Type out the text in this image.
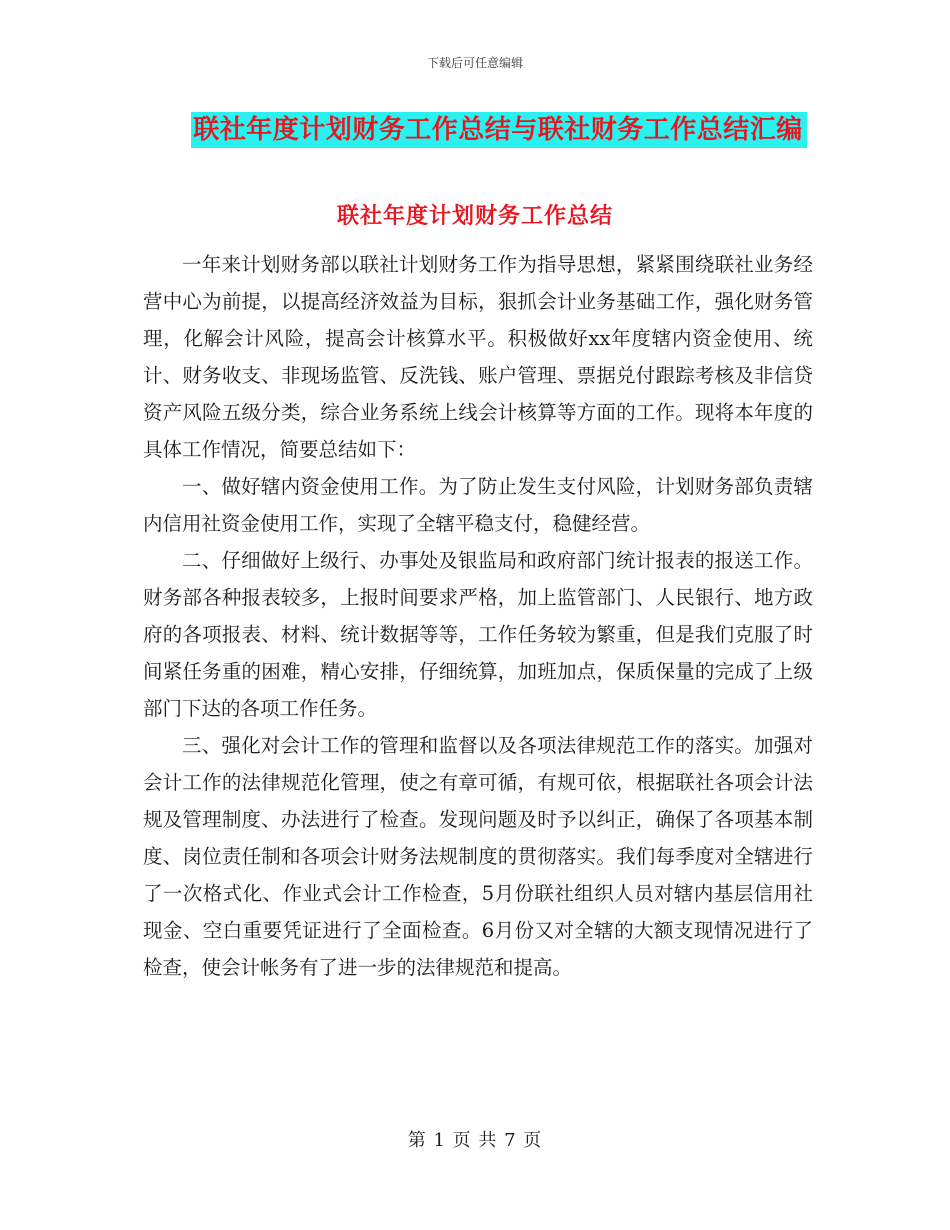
下载后可任意编辑
联社年度计划财务工作总结与联社财务工作总结汇编
联社年度计划财务工作总结

一年来计划财务部以联社计划财务工作为指导思想，紧紧围绕联社业务经营中心为前提，以提高经济效益为目标，狠抓会计业务基础工作，强化财务管理，化解会计风险，提高会计核算水平。积极做好xx年度辖内资金使用、统计、财务收支、非现场监管、反洗钱、账户管理、票据兑付跟踪考核及非信贷资产风险五级分类，综合业务系统上线会计核算等方面的工作。现将本年度的具体工作情况，简要总结如下：

一、做好辖内资金使用工作。为了防止发生支付风险，计划财务部负责辖内信用社资金使用工作，实现了全辖平稳支付，稳健经营。

二、仔细做好上级行、办事处及银监局和政府部门统计报表的报送工作。财务部各种报表较多，上报时间要求严格，加上监管部门、人民银行、地方政府的各项报表、材料、统计数据等等，工作任务较为繁重，但是我们克服了时间紧任务重的困难，精心安排，仔细统算，加班加点，保质保量的完成了上级部门下达的各项工作任务。

三、强化对会计工作的管理和监督以及各项法律规范工作的落实。加强对会计工作的法律规范化管理，使之有章可循，有规可依，根据联社各项会计法规及管理制度、办法进行了检查。发现问题及时予以纠正，确保了各项基本制度、岗位责任制和各项会计财务法规制度的贯彻落实。我们每季度对全辖进行了一次格式化、作业式会计工作检查，5月份联社组织人员对辖内基层信用社现金、空白重要凭证进行了全面检查。6月份又对全辖的大额支现情况进行了检查，使会计帐务有了进一步的法律规范和提高。

第 1 页 共 7 页
